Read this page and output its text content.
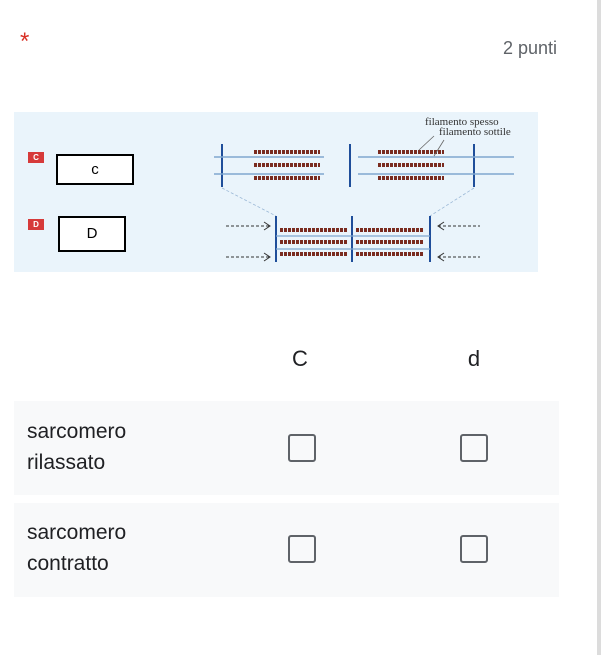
*	2 punti
C
c
D
D
filamento spesso
filamento sottile
C	d
sarcomero
rilassato
sarcomero
contratto
